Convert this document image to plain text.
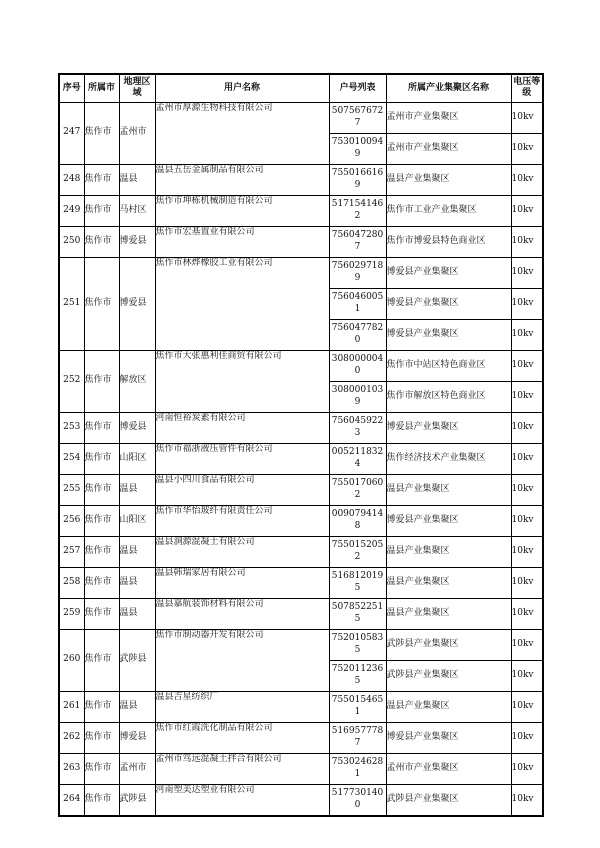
序号	所属市	地理区域	用户名称	户号列表	所属产业集聚区名称	电压等级
247	焦作市	孟州市	孟州市厚源生物科技有限公司	5075676727	孟州市产业集聚区	10kv
				7530100949	孟州市产业集聚区	10kv
248	焦作市	温县	温县五岳金属制品有限公司	7550166169	温县产业集聚区	10kv
249	焦作市	马村区	焦作市坤栋机械制造有限公司	5171541462	焦作市工业产业集聚区	10kv
250	焦作市	博爱县	焦作市宏基置业有限公司	7560472807	焦作市博爱县特色商业区	10kv
251	焦作市	博爱县	焦作市林烨橡胶工业有限公司	7560297189	博爱县产业集聚区	10kv
				7560460051	博爱县产业集聚区	10kv
				7560477820	博爱县产业集聚区	10kv
252	焦作市	解放区	焦作市大张惠利佳商贸有限公司	3080000040	焦作市中站区特色商业区	10kv
				3080001039	焦作市解放区特色商业区	10kv
253	焦作市	博爱县	河南恒裕炭素有限公司	7560459223	博爱县产业集聚区	10kv
254	焦作市	山阳区	焦作市福浙液压管件有限公司	0052118324	焦作经济技术产业集聚区	10kv
255	焦作市	温县	温县小四川食品有限公司	7550170602	温县产业集聚区	10kv
256	焦作市	山阳区	焦作市华怡玻纤有限责任公司	0090794148	博爱县产业集聚区	10kv
257	焦作市	温县	温县涧源混凝土有限公司	7550152052	温县产业集聚区	10kv
258	焦作市	温县	温县韩瑞家居有限公司	5168120195	温县产业集聚区	10kv
259	焦作市	温县	温县嘉航装饰材料有限公司	5078522515	温县产业集聚区	10kv
260	焦作市	武陟县	焦作市制动器开发有限公司	7520105835	武陟县产业集聚区	10kv
				7520112365	武陟县产业集聚区	10kv
261	焦作市	温县	温县吉星纺织厂	7550154651	温县产业集聚区	10kv
262	焦作市	博爱县	焦作市红霞洗化制品有限公司	5169577787	博爱县产业集聚区	10kv
263	焦作市	孟州市	孟州市笃远混凝土拌合有限公司	7530246281	孟州市产业集聚区	10kv
264	焦作市	武陟县	河南塑美达塑业有限公司	5177301400	武陟县产业集聚区	10kv
